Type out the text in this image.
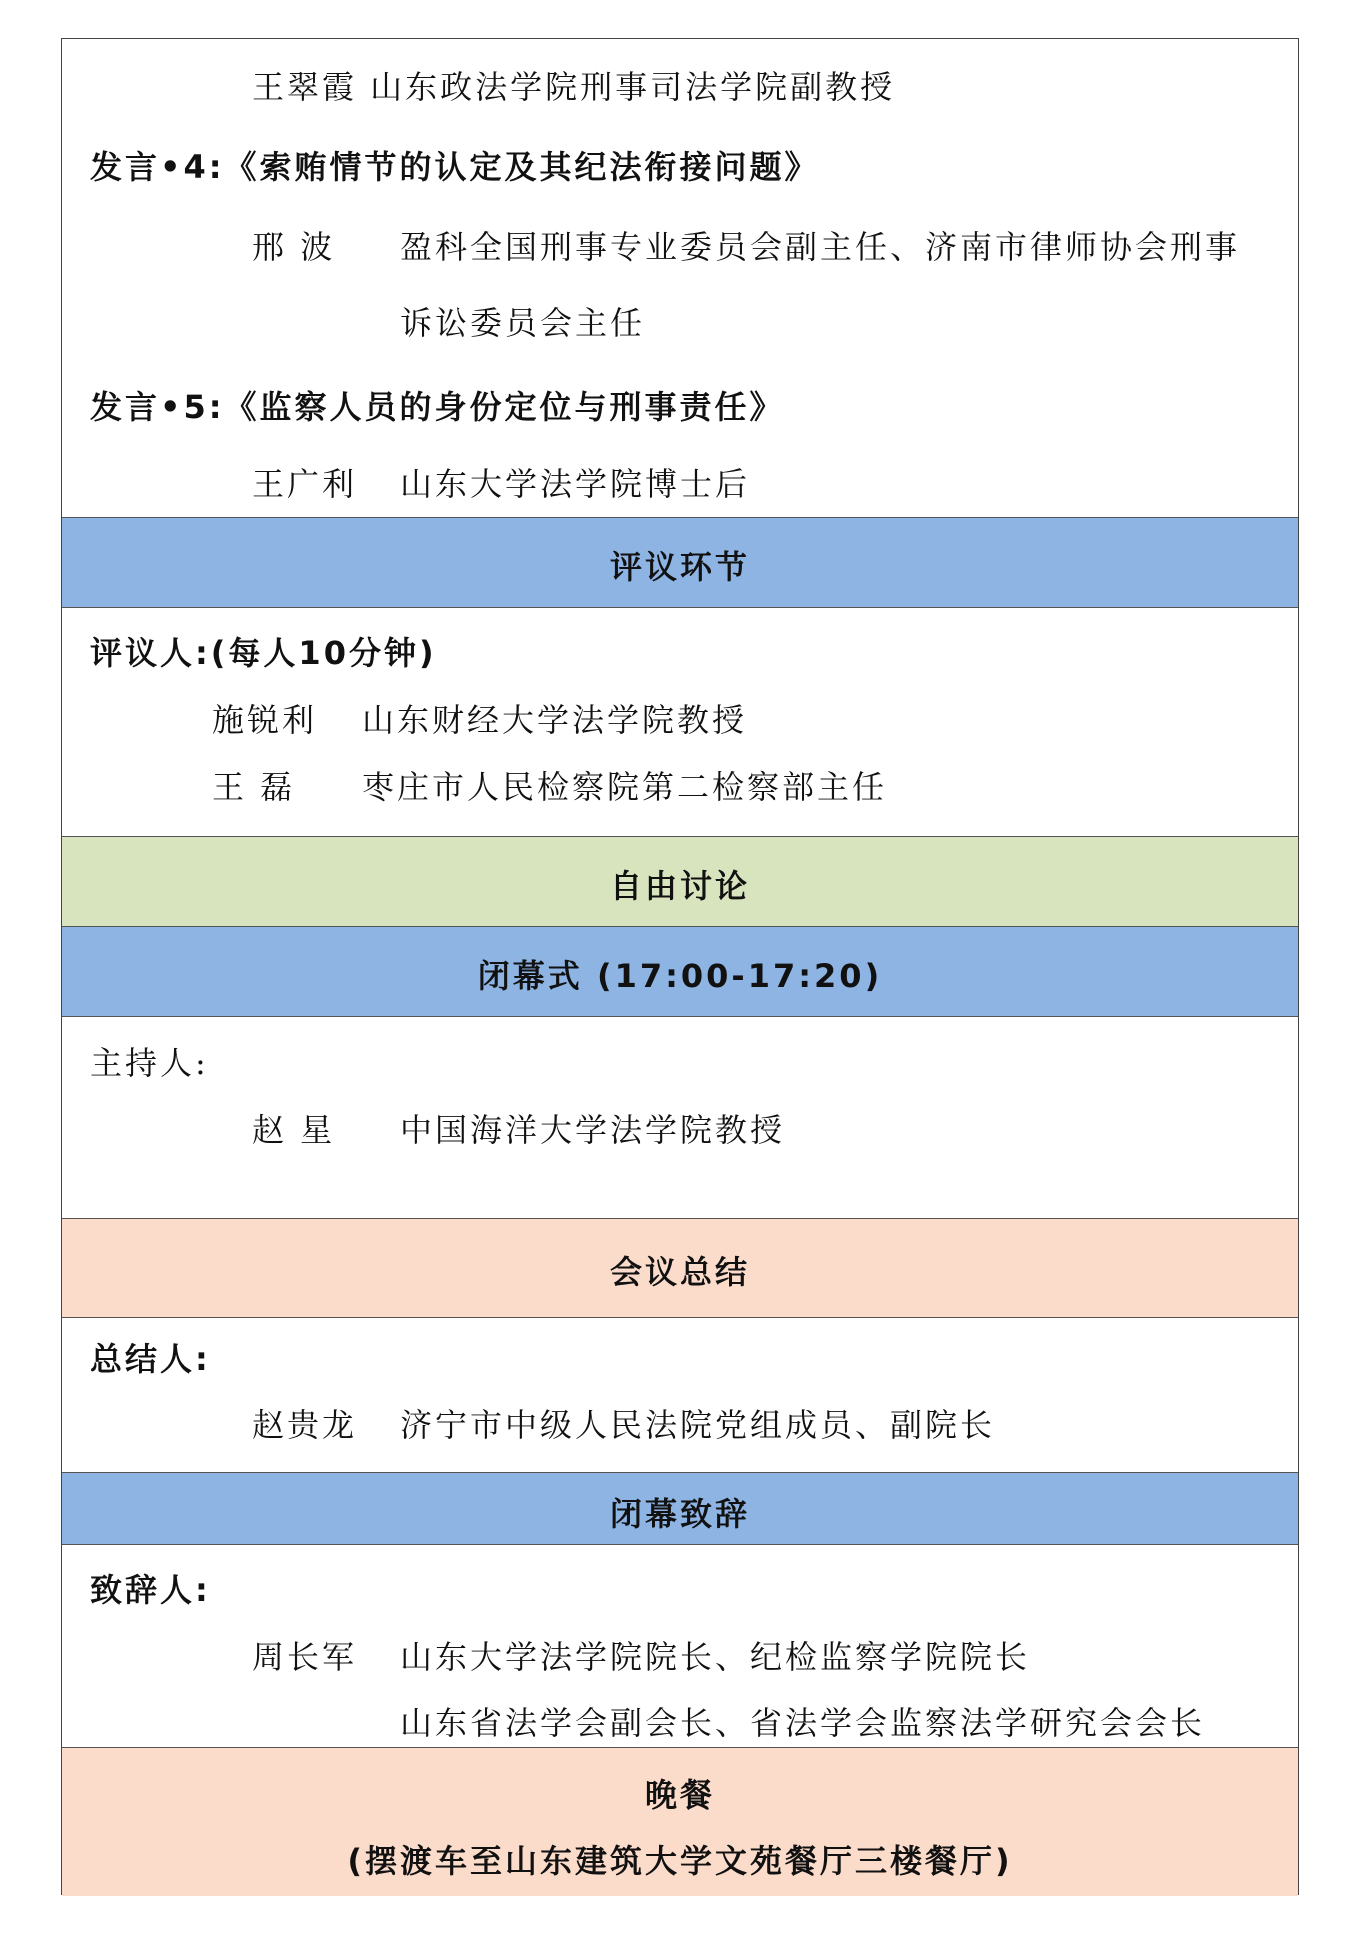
王翠霞 山东政法学院刑事司法学院副教授
发言•4:《索贿情节的认定及其纪法衔接问题》
邢 波 盈科全国刑事专业委员会副主任、济南市律师协会刑事
诉讼委员会主任
发言•5:《监察人员的身份定位与刑事责任》
王广利 山东大学法学院博士后
评议环节
评议人:(每人10分钟)
施锐利 山东财经大学法学院教授
王 磊 枣庄市人民检察院第二检察部主任
自由讨论
闭幕式 (17:00-17:20)
主持人:
赵 星 中国海洋大学法学院教授
会议总结
总结人:
赵贵龙 济宁市中级人民法院党组成员、副院长
闭幕致辞
致辞人:
周长军 山东大学法学院院长、纪检监察学院院长
山东省法学会副会长、省法学会监察法学研究会会长
晚餐
(摆渡车至山东建筑大学文苑餐厅三楼餐厅)
